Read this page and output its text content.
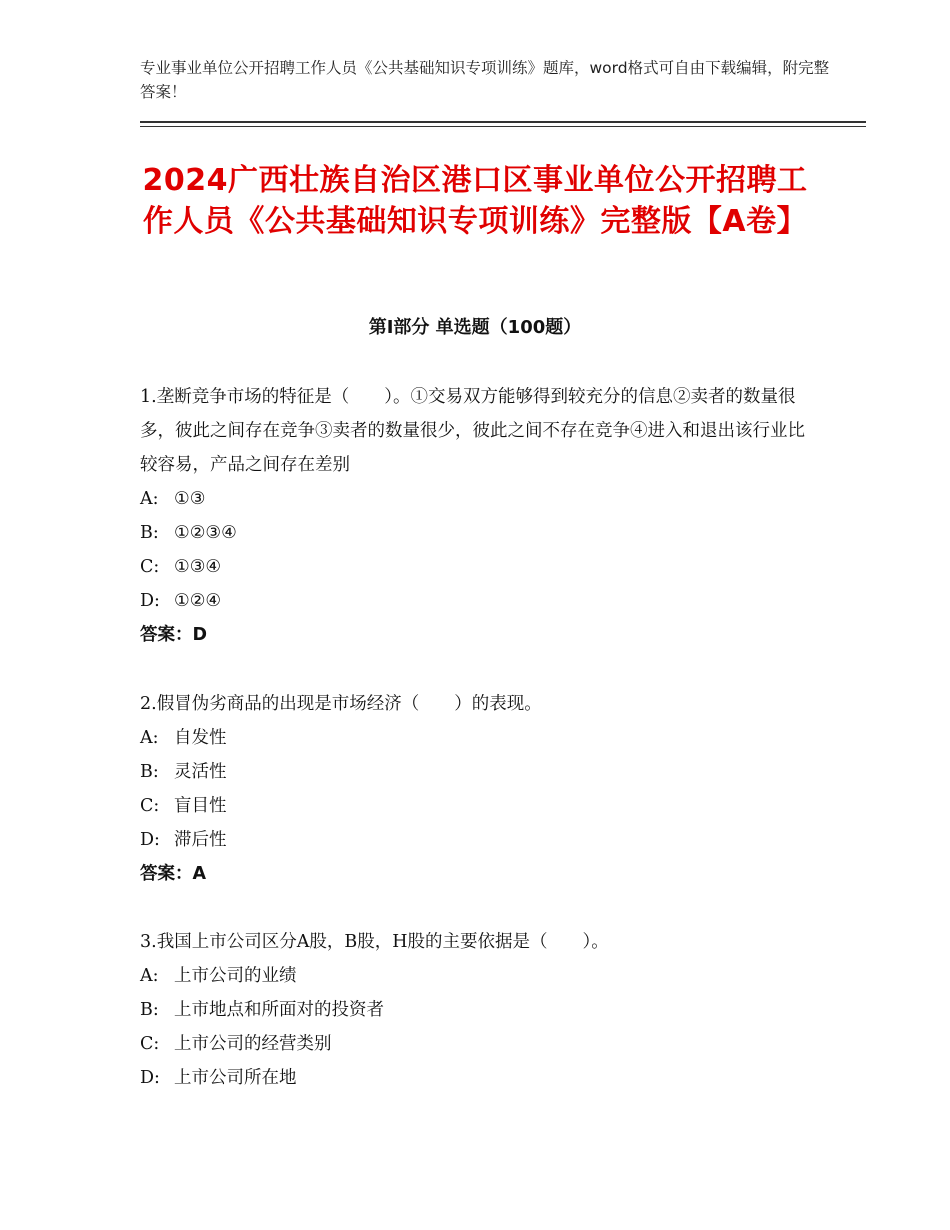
专业事业单位公开招聘工作人员《公共基础知识专项训练》题库，word格式可自由下载编辑，附完整答案！
2024广西壮族自治区港口区事业单位公开招聘工作人员《公共基础知识专项训练》完整版【A卷】
第Ⅰ部分 单选题（100题）
1.垄断竞争市场的特征是（　　）。①交易双方能够得到较充分的信息②卖者的数量很多，彼此之间存在竞争③卖者的数量很少，彼此之间不存在竞争④进入和退出该行业比较容易，产品之间存在差别
A: ①③
B: ①②③④
C: ①③④
D: ①②④
答案：D
2.假冒伪劣商品的出现是市场经济（　　）的表现。
A: 自发性
B: 灵活性
C: 盲目性
D: 滞后性
答案：A
3.我国上市公司区分A股，B股，H股的主要依据是（　　）。
A: 上市公司的业绩
B: 上市地点和所面对的投资者
C: 上市公司的经营类别
D: 上市公司所在地
